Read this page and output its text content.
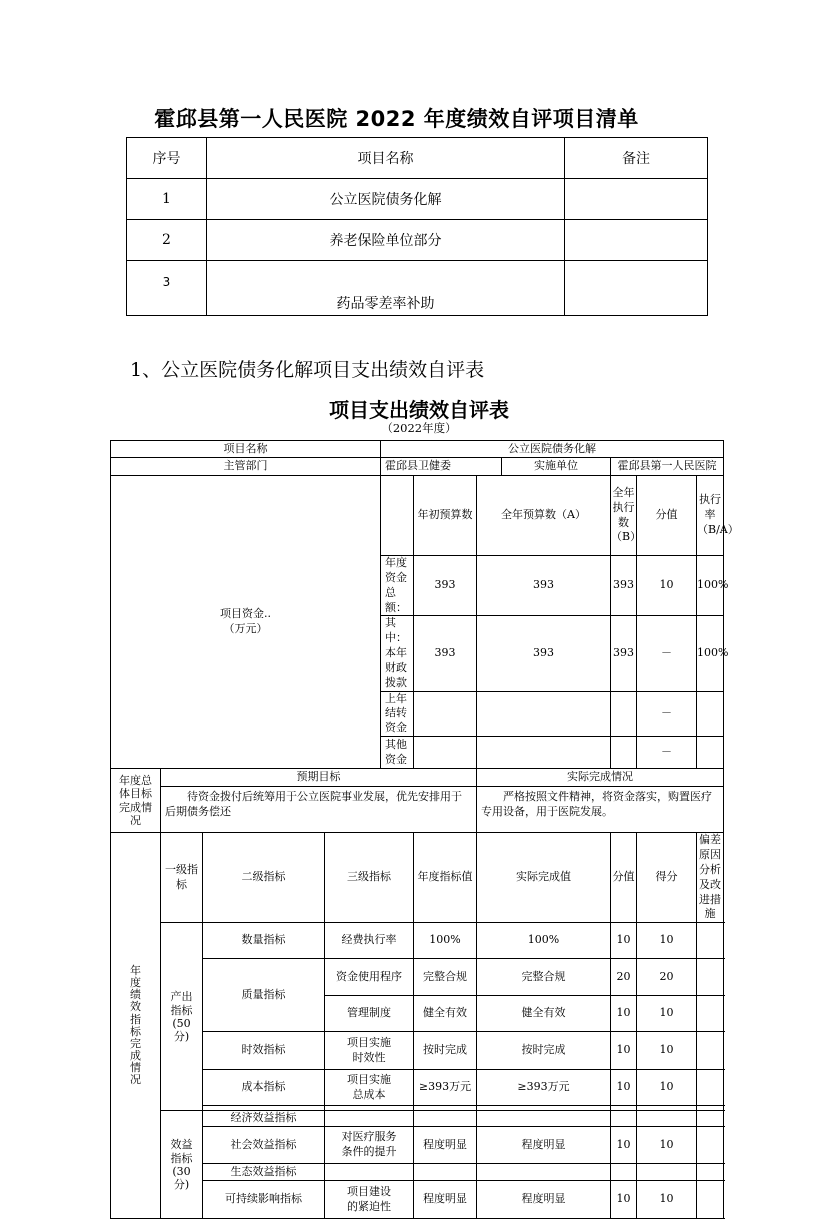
霍邱县第一人民医院 2022 年度绩效自评项目清单
序号	项目名称	备注
1	公立医院债务化解	
2	养老保险单位部分	
3	药品零差率补助	
1、公立医院债务化解项目支出绩效自评表
项目支出绩效自评表
（2022年度）
项目名称				公立医院债务化解							
主管部门				霍邱县卫健委			实施单位	霍邱县第一人民医院			

项目资金..
（万元）					年初预算数	全年预算数（A）		全年执行数（B）	分值	执行率（B/A）	
				年度资金总额：	393	393		393	10	100%	
				其中：本年财政拨款	393	393		393	－	100%	
				上年结转资金					－		
				其他资金					－		
年度总体目标完成情况	预期目标					实际完成情况					
	待资金拨付后统筹用于公立医院事业发展，优先安排用于后期债务偿还					严格按照文件精神，将资金落实，购置医疗专用设备，用于医院发展。					

年度绩效指标完成情况	一级指标	二级指标	三级指标		年度指标值	实际完成值		分值	得分	偏差原因分析及改进措施	
	产出指标(50分)	数量指标	经费执行率		100%	100%		10	10		
		质量指标	资金使用程序		完整合规	完整合规		20	20		
			管理制度		健全有效	健全有效		10	10		
		时效指标	项目实施时效性		按时完成	按时完成		10	10		
		成本指标	项目实施总成本		≥393万元	≥393万元		10	10		

	效益指标(30分)	经济效益指标									
		社会效益指标	对医疗服务条件的提升		程度明显	程度明显		10	10		
		生态效益指标									
		可持续影响指标	项目建设的紧迫性		程度明显	程度明显		10	10		
